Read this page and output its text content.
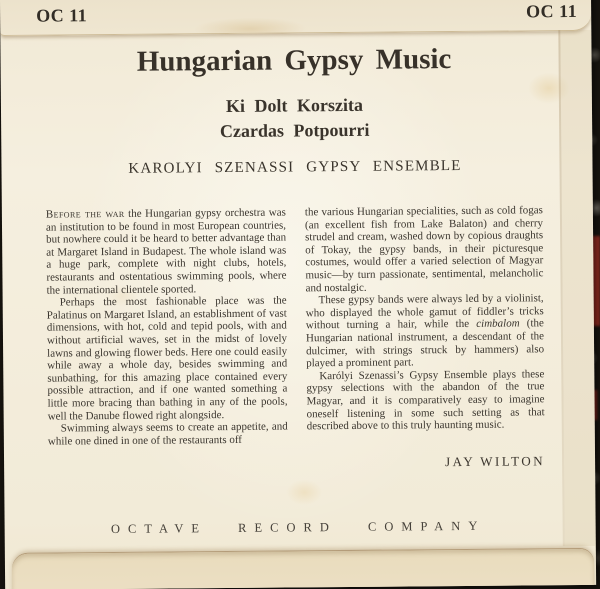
OC 11	OC 11
Hungarian Gypsy Music
Ki Dolt Korszita
Czardas Potpourri
KAROLYI SZENASSI GYPSY ENSEMBLE

Before the war the Hungarian gypsy orchestra was an institution to be found in most European countries, but nowhere could it be heard to better advantage than at Margaret Island in Budapest. The whole island was a huge park, complete with night clubs, hotels, restaurants and ostentatious swimming pools, where the international clientele sported.

Perhaps the most fashionable place was the Palatinus on Margaret Island, an establishment of vast dimensions, with hot, cold and tepid pools, with and without artificial waves, set in the midst of lovely lawns and glowing flower beds. Here one could easily while away a whole day, besides swimming and sunbathing, for this amazing place contained every possible attraction, and if one wanted something a little more bracing than bathing in any of the pools, well the Danube flowed right alongside.

Swimming always seems to create an appetite, and while one dined in one of the restaurants off

the various Hungarian specialities, such as cold fogas (an excellent fish from Lake Balaton) and cherry strudel and cream, washed down by copious draughts of Tokay, the gypsy bands, in their picturesque costumes, would offer a varied selection of Magyar music—by turn passionate, sentimental, melancholic and nostalgic.

These gypsy bands were always led by a violinist, who displayed the whole gamut of fiddler’s tricks without turning a hair, while the cimbalom (the Hungarian national instrument, a descendant of the dulcimer, with strings struck by hammers) also played a prominent part.

Karólyi Szenassi’s Gypsy Ensemble plays these gypsy selections with the abandon of the true Magyar, and it is comparatively easy to imagine oneself listening in some such setting as that described above to this truly haunting music.

JAY WILTON
OCTAVE RECORD COMPANY
